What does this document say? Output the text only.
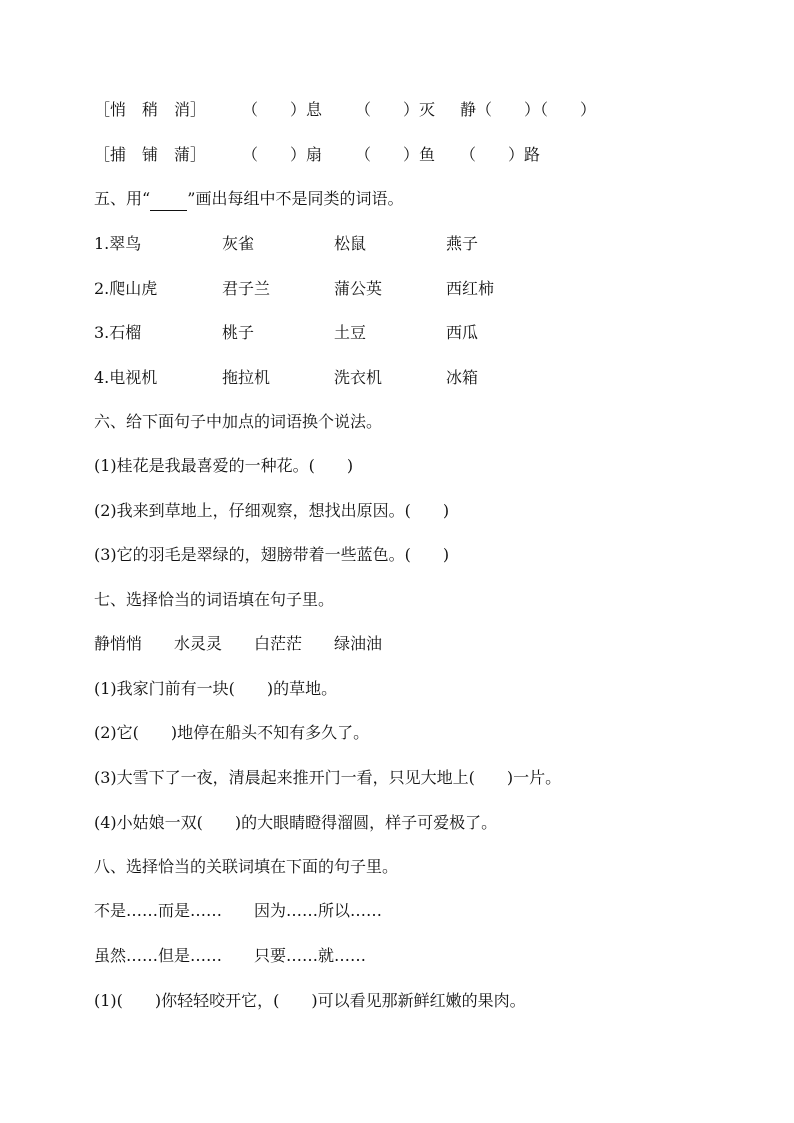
［悄　稍　消］ （　　）息 （　　）灭 静（　　）（　　）
［捕　铺　蒲］ （　　）扇 （　　）鱼 （　　）路
五、用“　　 ”画出每组中不是同类的词语。
1.翠鸟	灰雀	松鼠	燕子
2.爬山虎	君子兰	蒲公英	西红柿
3.石榴	桃子	土豆	西瓜
4.电视机	拖拉机	洗衣机	冰箱
六、给下面句子中加点的词语换个说法。
(1)桂花是我最喜爱的一种花。(　　)
(2)我来到草地上，仔细观察，想找出原因。(　　)
(3)它的羽毛是翠绿的，翅膀带着一些蓝色。(　　)
七、选择恰当的词语填在句子里。
静悄悄 水灵灵 白茫茫 绿油油
(1)我家门前有一块(　　)的草地。
(2)它(　　)地停在船头不知有多久了。
(3)大雪下了一夜，清晨起来推开门一看，只见大地上(　　)一片。
(4)小姑娘一双(　　)的大眼睛瞪得溜圆，样子可爱极了。
八、选择恰当的关联词填在下面的句子里。
不是……而是…… 因为……所以……
虽然……但是…… 只要……就……
(1)(　　)你轻轻咬开它，(　　)可以看见那新鲜红嫩的果肉。
